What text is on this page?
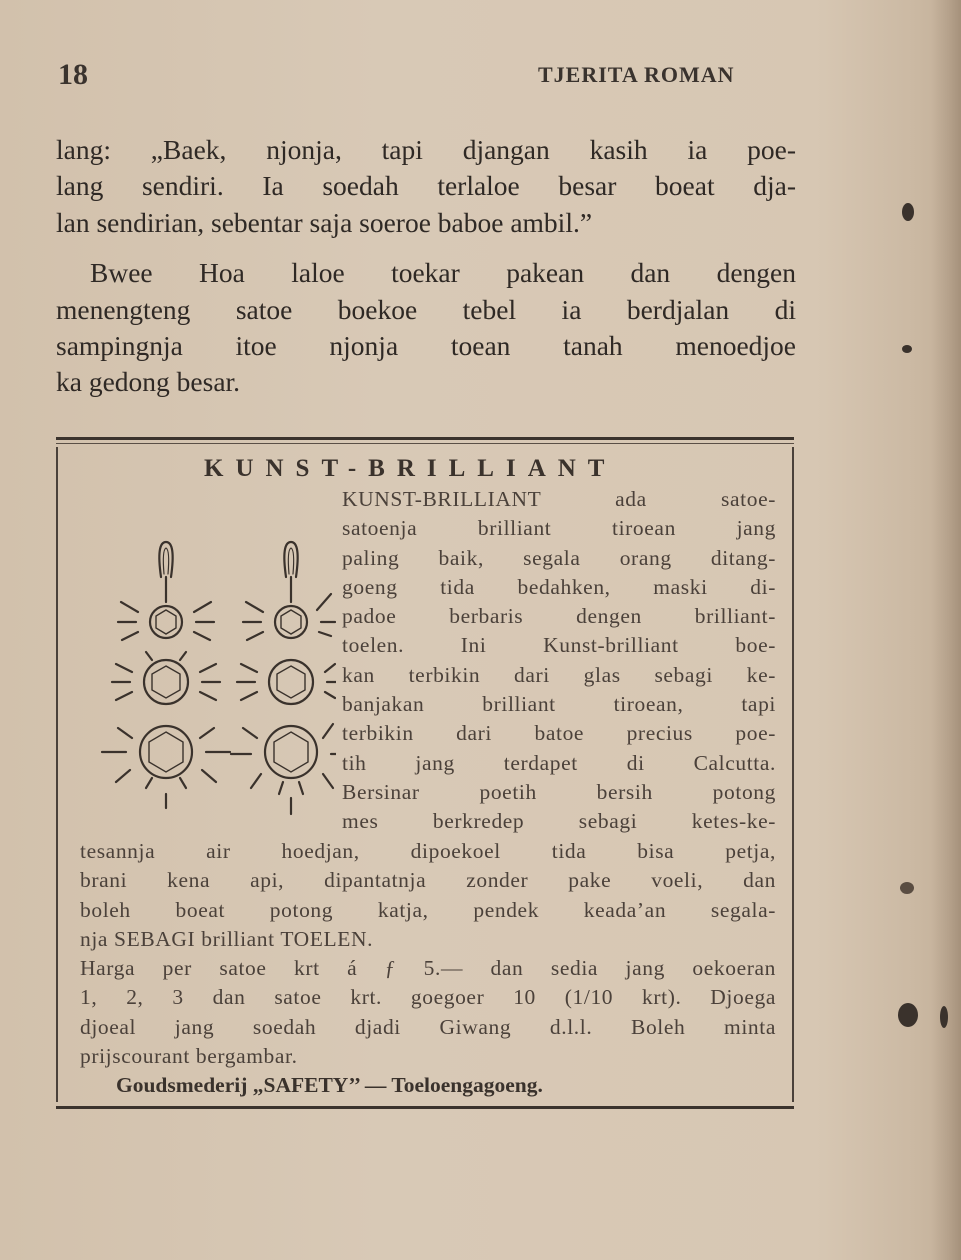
18	TJERITA ROMAN
lang: „Baek, njonja, tapi djangan kasih ia poe-
lang sendiri. Ia soedah terlaloe besar boeat dja-
lan sendirian, sebentar saja soeroe baboe ambil.”
Bwee Hoa laloe toekar pakean dan dengen
menengteng satoe boekoe tebel ia berdjalan di
sampingnja itoe njonja toean tanah menoedjoe
ka gedong besar.
KUNST-BRILLIANT
KUNST-BRILLIANT ada satoe-
satoenja brilliant tiroean jang
paling baik, segala orang ditang-
goeng tida bedahken, maski di-
padoe berbaris dengen brilliant-
toelen. Ini Kunst-brilliant boe-
kan terbikin dari glas sebagi ke-
banjakan brilliant tiroean, tapi
terbikin dari batoe precius poe-
tih jang terdapet di Calcutta.
Bersinar poetih bersih potong
mes berkredep sebagi ketes-ke-
tesannja air hoedjan, dipoekoel tida bisa petja,
brani kena api, dipantatnja zonder pake voeli, dan
boleh boeat potong katja, pendek keada’an segala-
nja SEBAGI brilliant TOELEN.
Harga per satoe krt á ƒ 5.— dan sedia jang oekoeran
1, 2, 3 dan satoe krt. goegoer 10 (1/10 krt). Djoega
djoeal jang soedah djadi Giwang d.l.l. Boleh minta
prijscourant bergambar.
Goudsmederij „SAFETY’’ — Toeloengagoeng.
